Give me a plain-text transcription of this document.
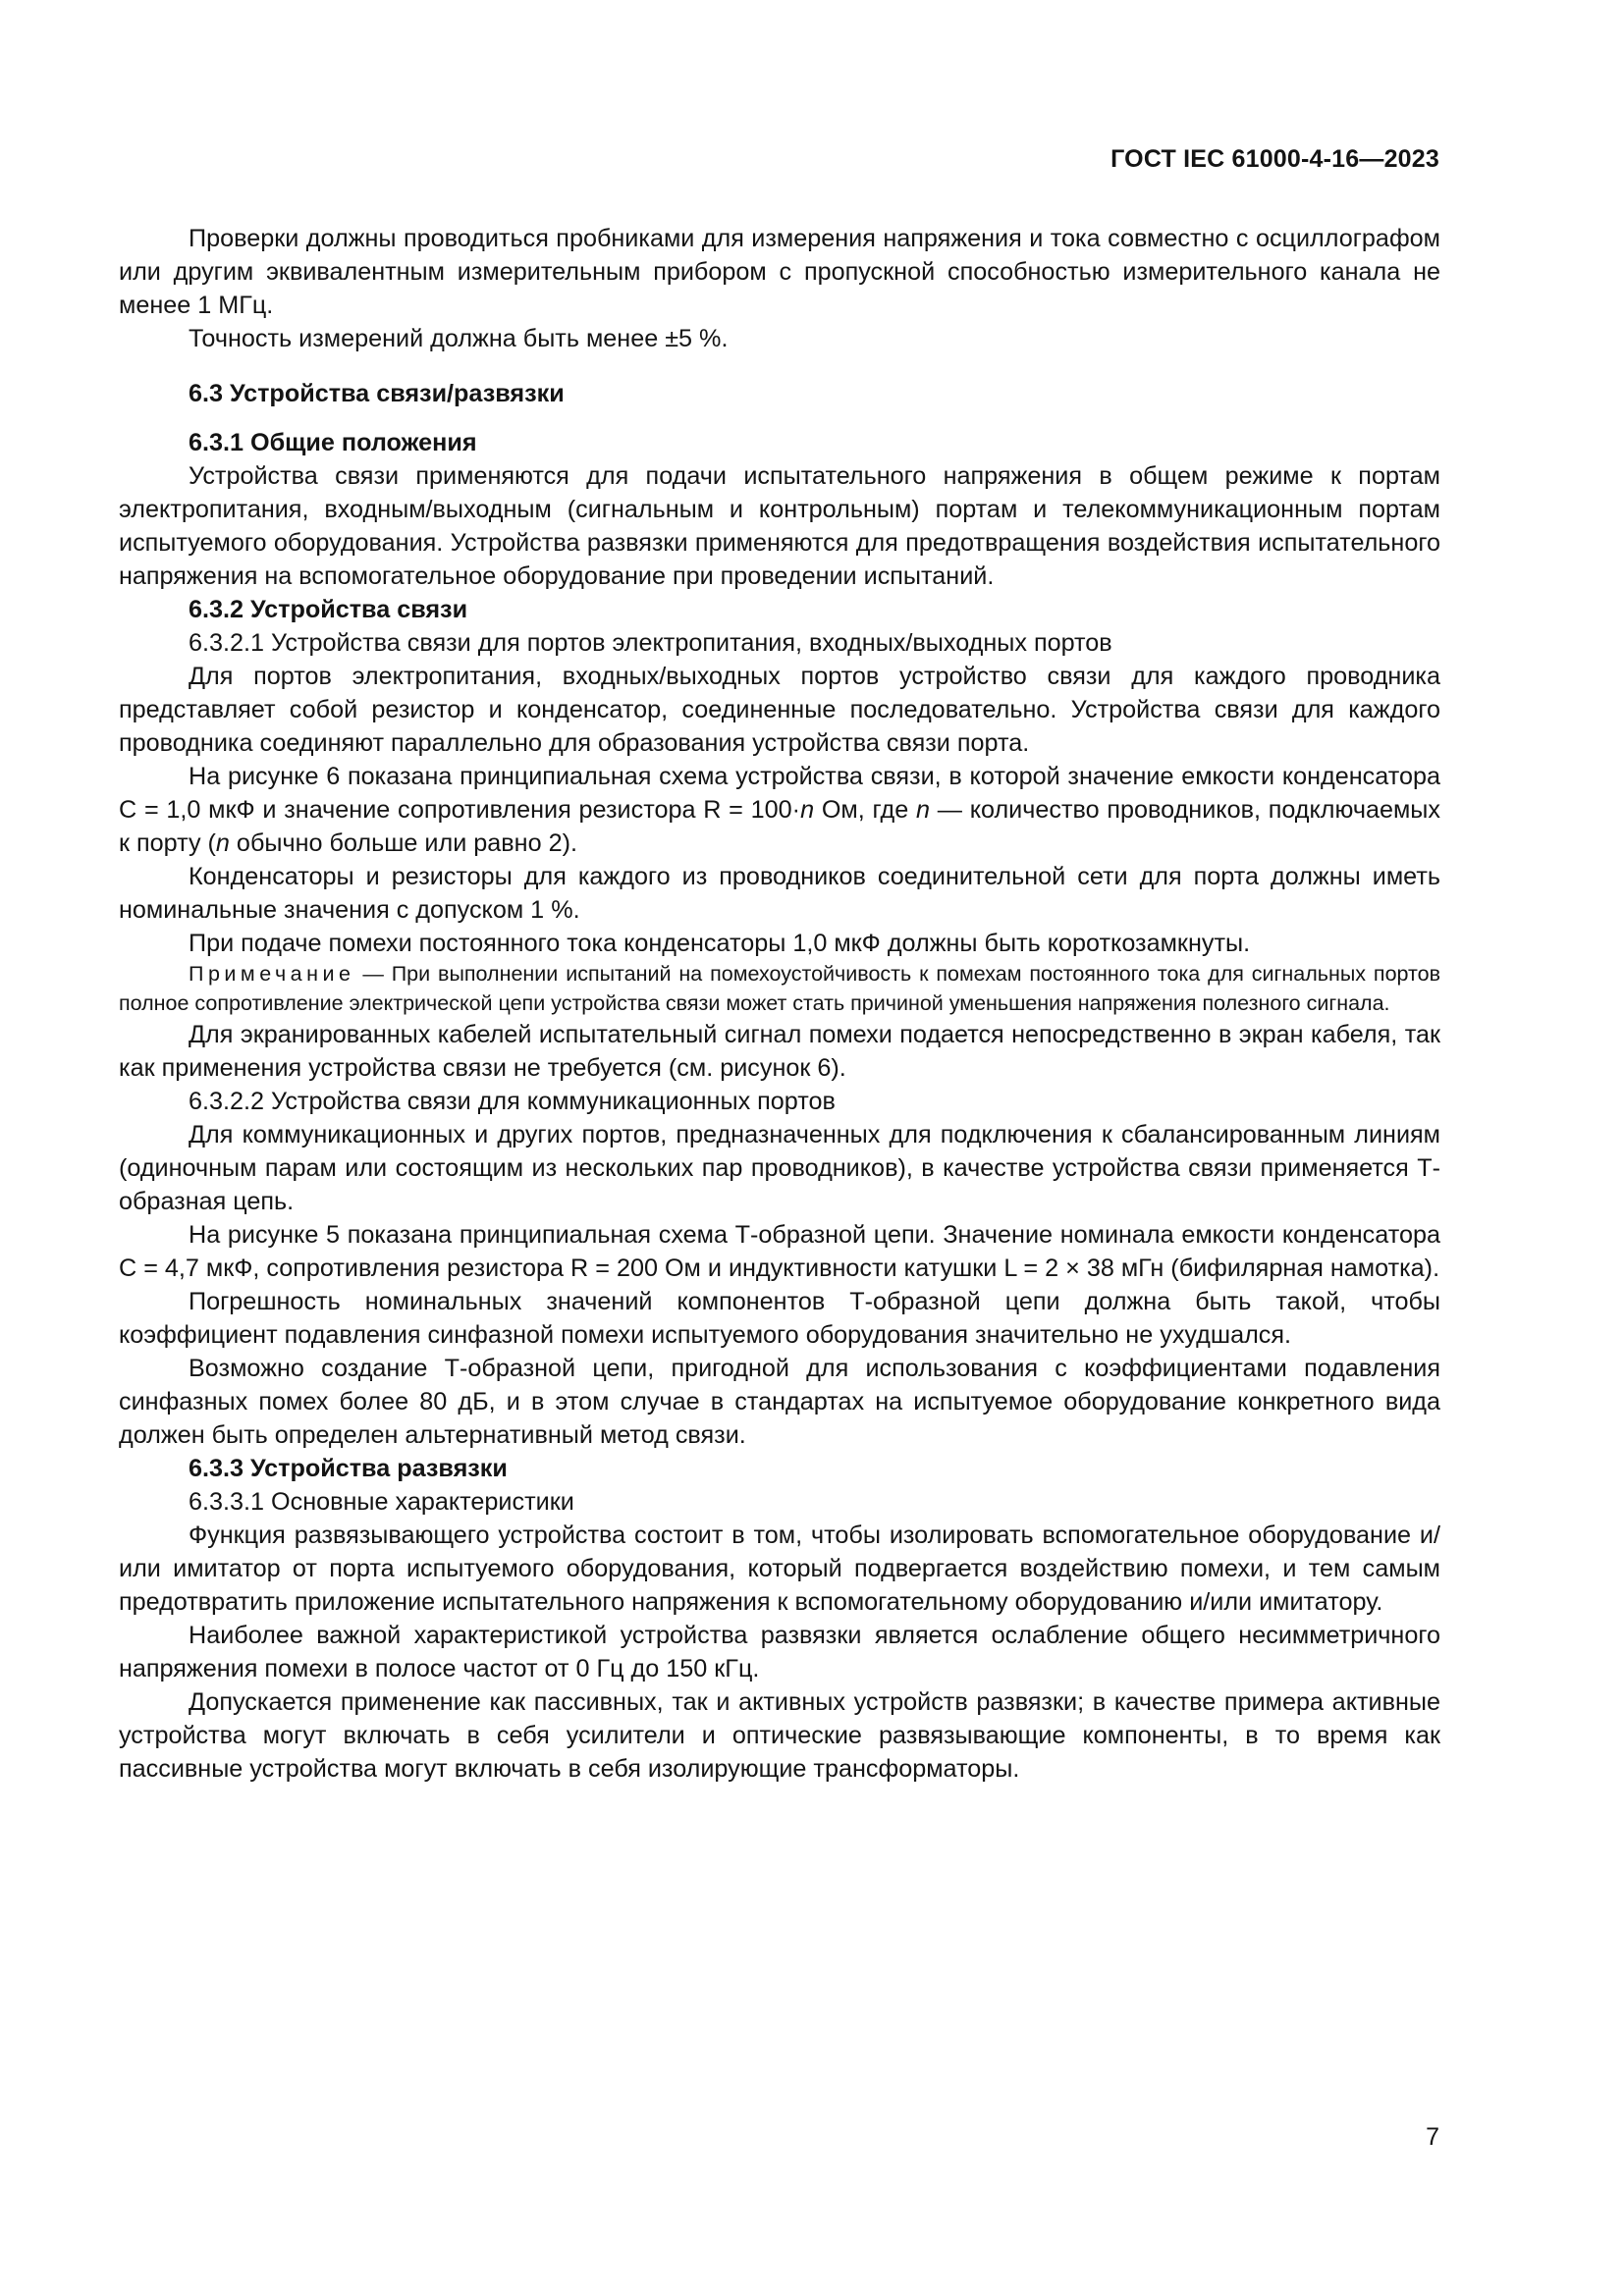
ГОСТ IEC 61000-4-16—2023

Проверки должны проводиться пробниками для измерения напряжения и тока совместно с осциллографом или другим эквивалентным измерительным прибором с пропускной способностью измерительного канала не менее 1 МГц.

Точность измерений должна быть менее ±5 %.

6.3 Устройства связи/развязки

6.3.1 Общие положения

Устройства связи применяются для подачи испытательного напряжения в общем режиме к портам электропитания, входным/выходным (сигнальным и контрольным) портам и телекоммуникационным портам испытуемого оборудования. Устройства развязки применяются для предотвращения воздействия испытательного напряжения на вспомогательное оборудование при проведении испытаний.

6.3.2 Устройства связи

6.3.2.1 Устройства связи для портов электропитания, входных/выходных портов

Для портов электропитания, входных/выходных портов устройство связи для каждого проводника представляет собой резистор и конденсатор, соединенные последовательно. Устройства связи для каждого проводника соединяют параллельно для образования устройства связи порта.

На рисунке 6 показана принципиальная схема устройства связи, в которой значение емкости конденсатора С = 1,0 мкФ и значение сопротивления резистора R = 100·n Ом, где n — количество проводников, подключаемых к порту (n обычно больше или равно 2).

Конденсаторы и резисторы для каждого из проводников соединительной сети для порта должны иметь номинальные значения с допуском 1 %.

При подаче помехи постоянного тока конденсаторы 1,0 мкФ должны быть короткозамкнуты.

Примечание — При выполнении испытаний на помехоустойчивость к помехам постоянного тока для сигнальных портов полное сопротивление электрической цепи устройства связи может стать причиной уменьшения напряжения полезного сигнала.

Для экранированных кабелей испытательный сигнал помехи подается непосредственно в экран кабеля, так как применения устройства связи не требуется (см. рисунок 6).

6.3.2.2 Устройства связи для коммуникационных портов

Для коммуникационных и других портов, предназначенных для подключения к сбалансированным линиям (одиночным парам или состоящим из нескольких пар проводников), в качестве устройства связи применяется Т-образная цепь.

На рисунке 5 показана принципиальная схема Т-образной цепи. Значение номинала емкости конденсатора С = 4,7 мкФ, сопротивления резистора R = 200 Ом и индуктивности катушки L = 2 × 38 мГн (бифилярная намотка).

Погрешность номинальных значений компонентов Т-образной цепи должна быть такой, чтобы коэффициент подавления синфазной помехи испытуемого оборудования значительно не ухудшался.

Возможно создание Т-образной цепи, пригодной для использования с коэффициентами подавления синфазных помех более 80 дБ, и в этом случае в стандартах на испытуемое оборудование конкретного вида должен быть определен альтернативный метод связи.

6.3.3 Устройства развязки

6.3.3.1 Основные характеристики

Функция развязывающего устройства состоит в том, чтобы изолировать вспомогательное оборудование и/или имитатор от порта испытуемого оборудования, который подвергается воздействию помехи, и тем самым предотвратить приложение испытательного напряжения к вспомогательному оборудованию и/или имитатору.

Наиболее важной характеристикой устройства развязки является ослабление общего несимметричного напряжения помехи в полосе частот от 0 Гц до 150 кГц.

Допускается применение как пассивных, так и активных устройств развязки; в качестве примера активные устройства могут включать в себя усилители и оптические развязывающие компоненты, в то время как пассивные устройства могут включать в себя изолирующие трансформаторы.

7
